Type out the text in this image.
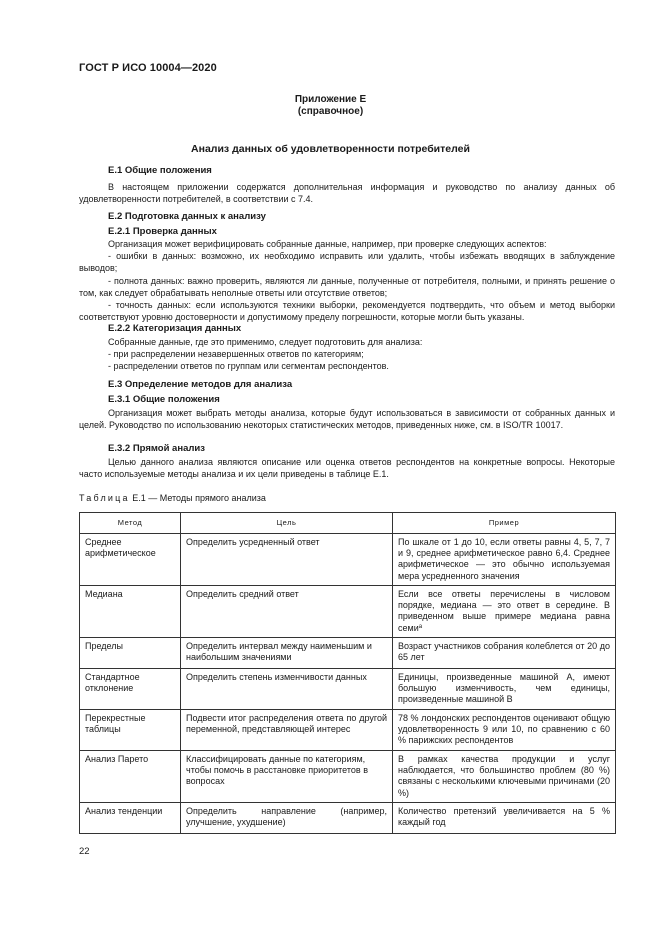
ГОСТ Р ИСО 10004—2020
Приложение Е
(справочное)
Анализ данных об удовлетворенности потребителей
Е.1 Общие положения

В настоящем приложении содержатся дополнительная информация и руководство по анализу данных об удовлетворенности потребителей, в соответствии с 7.4.

Е.2 Подготовка данных к анализу
Е.2.1 Проверка данных

Организация может верифицировать собранные данные, например, при проверке следующих аспектов:

- ошибки в данных: возможно, их необходимо исправить или удалить, чтобы избежать вводящих в заблуждение выводов;

- полнота данных: важно проверить, являются ли данные, полученные от потребителя, полными, и принять решение о том, как следует обрабатывать неполные ответы или отсутствие ответов;

- точность данных: если используются техники выборки, рекомендуется подтвердить, что объем и метод выборки соответствуют уровню достоверности и допустимому пределу погрешности, которые могли быть указаны.

Е.2.2 Категоризация данных

Собранные данные, где это применимо, следует подготовить для анализа:

- при распределении незавершенных ответов по категориям;

- распределении ответов по группам или сегментам респондентов.

Е.3 Определение методов для анализа
Е.3.1 Общие положения

Организация может выбрать методы анализа, которые будут использоваться в зависимости от собранных данных и целей. Руководство по использованию некоторых статистических методов, приведенных ниже, см. в ISO/TR 10017.

Е.3.2 Прямой анализ

Целью данного анализа являются описание или оценка ответов респондентов на конкретные вопросы. Некоторые часто используемые методы анализа и их цели приведены в таблице Е.1.

Таблица Е.1 — Методы прямого анализа
Метод	Цель	Пример
Среднее арифметическое	Определить усредненный ответ	По шкале от 1 до 10, если ответы равны 4, 5, 7, 7 и 9, среднее арифметическое равно 6,4. Среднее арифметическое — это обычно используемая мера усредненного значения
Медиана	Определить средний ответ	Если все ответы перечислены в числовом порядке, медиана — это ответ в середине. В приведенном выше примере медиана равна семи$^a$
Пределы	Определить интервал между наименьшим и наибольшим значениями	Возраст участников собрания колеблется от 20 до 65 лет
Стандартное отклонение	Определить степень изменчивости данных	Единицы, произведенные машиной А, имеют большую изменчивость, чем единицы, произведенные машиной В
Перекрестные таблицы	Подвести итог распределения ответа по другой переменной, представляющей интерес	78 % лондонских респондентов оценивают общую удовлетворенность 9 или 10, по сравнению с 60 % парижских респондентов
Анализ Парето	Классифицировать данные по категориям, чтобы помочь в расстановке приоритетов в вопросах	В рамках качества продукции и услуг наблюдается, что большинство проблем (80 %) связаны с несколькими ключевыми причинами (20 %)
Анализ тенденции	Определить направление (например, улучшение, ухудшение)	Количество претензий увеличивается на 5 % каждый год
22
